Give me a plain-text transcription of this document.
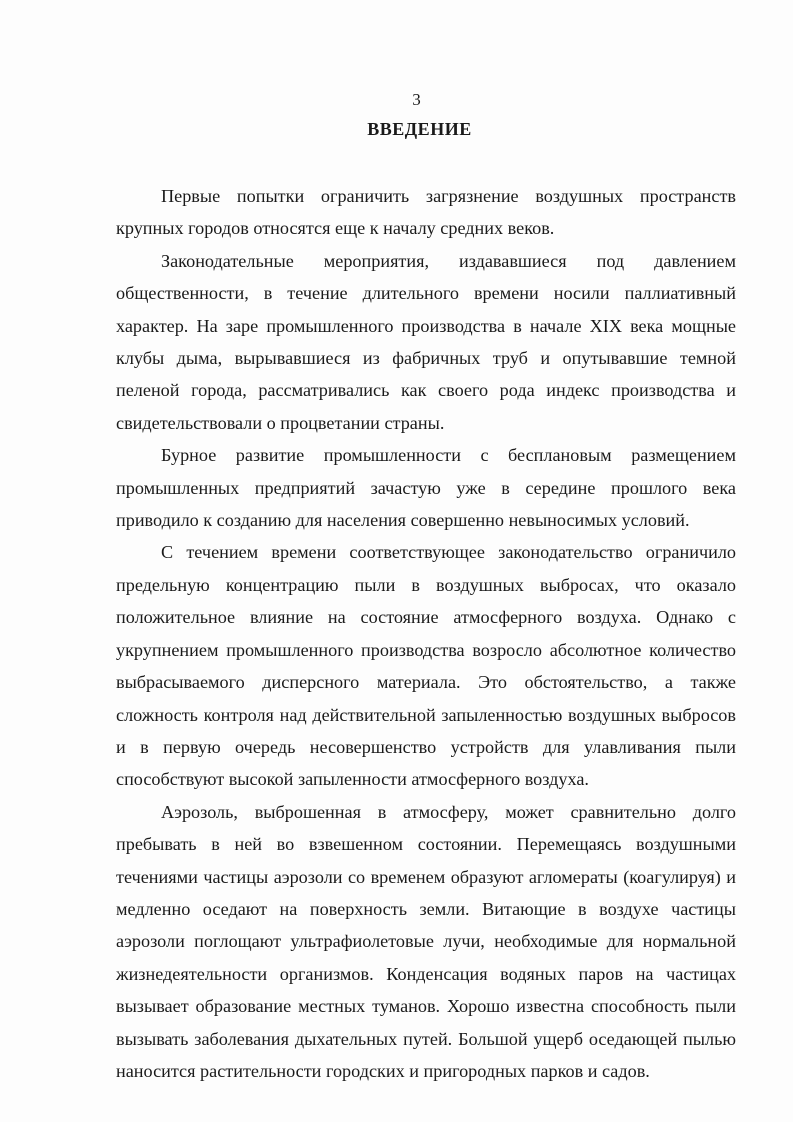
3
ВВЕДЕНИЕ

Первые попытки ограничить загрязнение воздушных пространств крупных городов относятся еще к началу средних веков.

Законодательные мероприятия, издававшиеся под давлением общественности, в течение длительного времени носили паллиативный характер. На заре промышленного производства в начале XIX века мощные клубы дыма, вырывавшиеся из фабричных труб и опутывавшие темной пеленой города, рассматривались как своего рода индекс производства и свидетельствовали о процветании страны.

Бурное развитие промышленности с бесплановым размещением промышленных предприятий зачастую уже в середине прошлого века приводило к созданию для населения совершенно невыносимых условий.

С течением времени соответствующее законодательство ограничило предельную концентрацию пыли в воздушных выбросах, что оказало положительное влияние на состояние атмосферного воздуха. Однако с укрупнением промышленного производства возросло абсолютное количество выбрасываемого дисперсного материала. Это обстоятельство, а также сложность контроля над действительной запыленностью воздушных выбросов и в первую очередь несовершенство устройств для улавливания пыли способствуют высокой запыленности атмосферного воздуха.

Аэрозоль, выброшенная в атмосферу, может сравнительно долго пребывать в ней во взвешенном состоянии. Перемещаясь воздушными течениями частицы аэрозоли со временем образуют агломераты (коагулируя) и медленно оседают на поверхность земли. Витающие в воздухе частицы аэрозоли поглощают ультрафиолетовые лучи, необходимые для нормальной жизнедеятельности организмов. Конденсация водяных паров на частицах вызывает образование местных туманов. Хорошо известна способность пыли вызывать заболевания дыхательных путей. Большой ущерб оседающей пылью наносится растительности городских и пригородных парков и садов.
